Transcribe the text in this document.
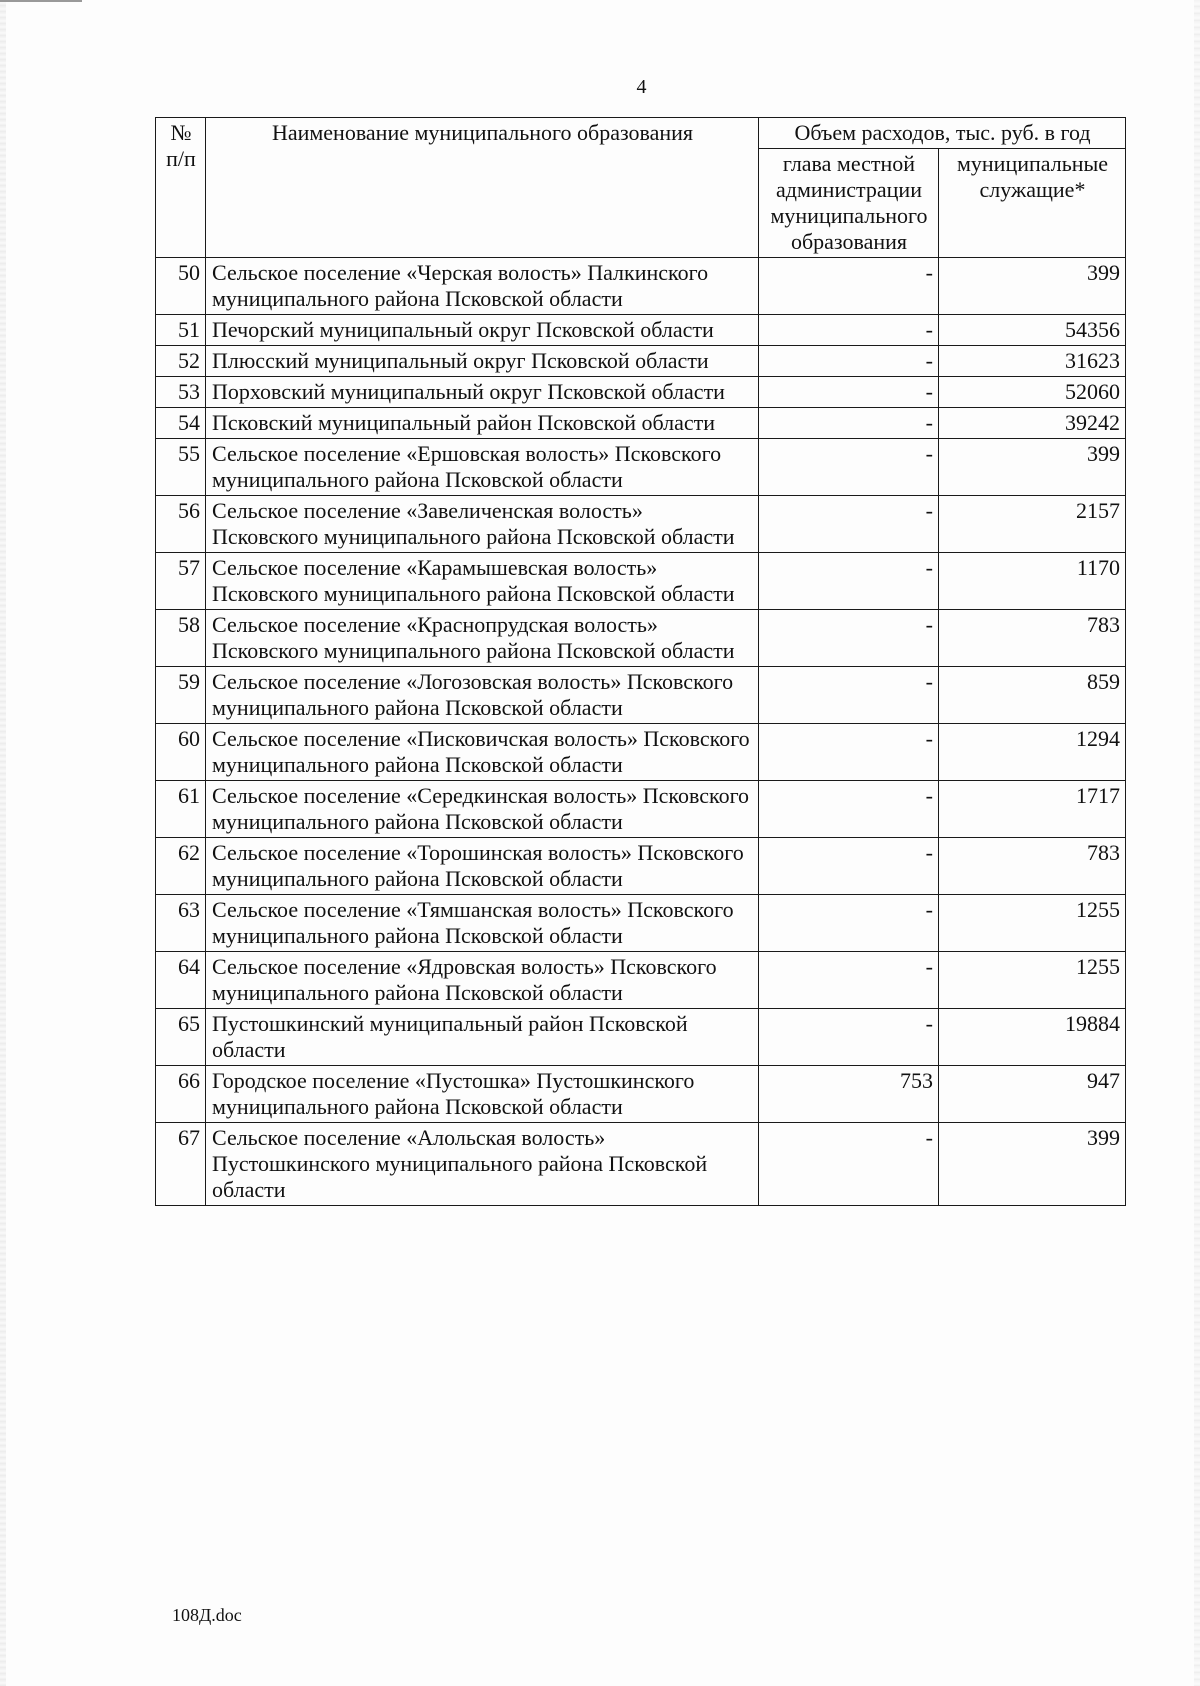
4
№ п/п	Наименование муниципального образования	Объем расходов, тыс. руб. в год	
		глава местной администрации муниципального образования	муниципальные служащие*
50	Сельское поселение «Черская волость» Палкинского муниципального района Псковской области	-	399
51	Печорский муниципальный округ Псковской области	-	54356
52	Плюсский муниципальный округ Псковской области	-	31623
53	Порховский муниципальный округ Псковской области	-	52060
54	Псковский муниципальный район Псковской области	-	39242
55	Сельское поселение «Ершовская волость» Псковского муниципального района Псковской области	-	399
56	Сельское поселение «Завеличенская волость» Псковского муниципального района Псковской области	-	2157
57	Сельское поселение «Карамышевская волость» Псковского муниципального района Псковской области	-	1170
58	Сельское поселение «Краснопрудская волость» Псковского муниципального района Псковской области	-	783
59	Сельское поселение «Логозовская волость» Псковского муниципального района Псковской области	-	859
60	Сельское поселение «Писковичская волость» Псковского муниципального района Псковской области	-	1294
61	Сельское поселение «Середкинская волость» Псковского муниципального района Псковской области	-	1717
62	Сельское поселение «Торошинская волость» Псковского муниципального района Псковской области	-	783
63	Сельское поселение «Тямшанская волость» Псковского муниципального района Псковской области	-	1255
64	Сельское поселение «Ядровская волость» Псковского муниципального района Псковской области	-	1255
65	Пустошкинский муниципальный район Псковской области	-	19884
66	Городское поселение «Пустошка» Пустошкинского муниципального района Псковской области	753	947
67	Сельское поселение «Алольская волость» Пустошкинского муниципального района Псковской области	-	399
108Д.doc
